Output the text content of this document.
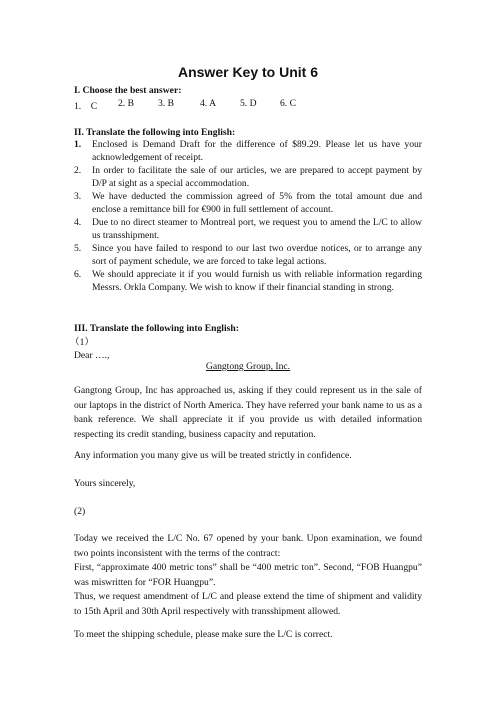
Answer Key to Unit 6
I. Choose the best answer:
1.　C 2. B	3. B	4. A	5. D 6. C
II. Translate the following into English:
1. Enclosed is Demand Draft for the difference of $89.29. Please let us have your acknowledgement of receipt.
2. In order to facilitate the sale of our articles, we are prepared to accept payment by D/P at sight as a special accommodation.
3. We have deducted the commission agreed of 5% from the total amount due and enclose a remittance bill for €900 in full settlement of account.
4. Due to no direct steamer to Montreal port, we request you to amend the L/C to allow us transshipment.
5. Since you have failed to respond to our last two overdue notices, or to arrange any sort of payment schedule, we are forced to take legal actions.
6. We should appreciate it if you would furnish us with reliable information regarding Messrs. Orkla Company. We wish to know if their financial standing in strong.
III. Translate the following into English:
（1）
Dear ….,
Gangtong Group, Inc.
Gangtong Group, Inc has approached us, asking if they could represent us in the sale of our laptops in the district of North America. They have referred your bank name to us as a bank reference. We shall appreciate it if you provide us with detailed information respecting its credit standing, business capacity and reputation.
Any information you many give us will be treated strictly in confidence.
Yours sincerely,
(2)
Today we received the L/C No. 67 opened by your bank. Upon examination, we found two points inconsistent with the terms of the contract:
First, “approximate 400 metric tons” shall be “400 metric ton”. Second, “FOB Huangpu” was miswritten for “FOR Huangpu”.
Thus, we request amendment of L/C and please extend the time of shipment and validity to 15th April and 30th April respectively with transshipment allowed.
To meet the shipping schedule, please make sure the L/C is correct.
